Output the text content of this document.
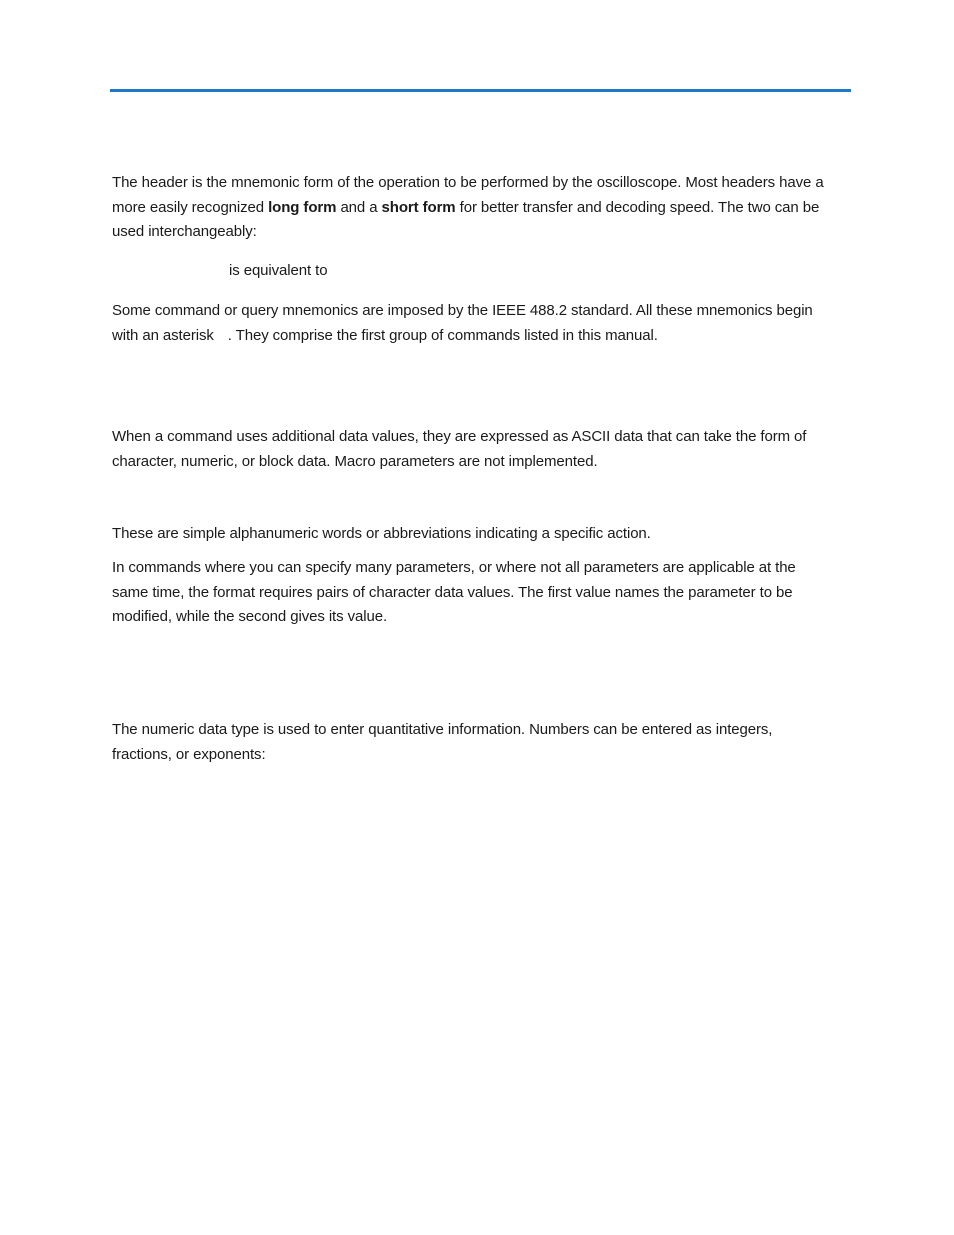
The header is the mnemonic form of the operation to be performed by the oscilloscope. Most headers have a more easily recognized long form and a short form for better transfer and decoding speed. The two can be used interchangeably:

is equivalent to

Some command or query mnemonics are imposed by the IEEE 488.2 standard. All these mnemonics begin with an asterisk . They comprise the first group of commands listed in this manual.

When a command uses additional data values, they are expressed as ASCII data that can take the form of character, numeric, or block data. Macro parameters are not implemented.

These are simple alphanumeric words or abbreviations indicating a specific action.

In commands where you can specify many parameters, or where not all parameters are applicable at the same time, the format requires pairs of character data values. The first value names the parameter to be modified, while the second gives its value.

The numeric data type is used to enter quantitative information. Numbers can be entered as integers, fractions, or exponents:
